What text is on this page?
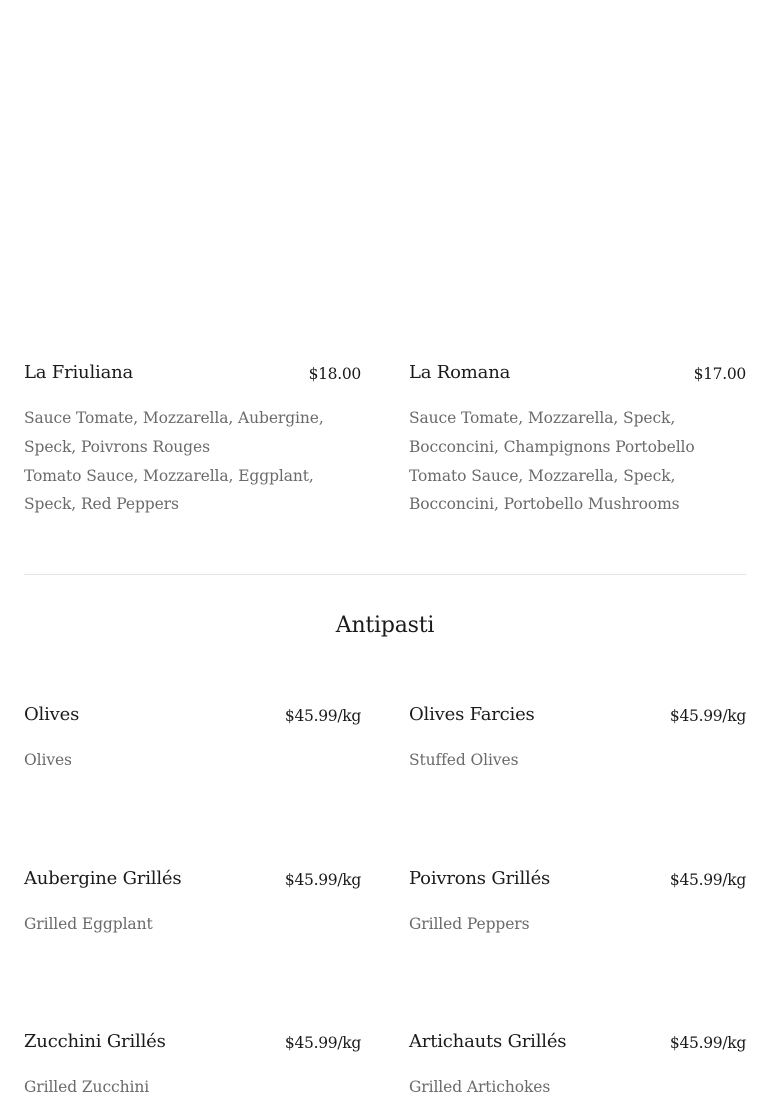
La Friuliana	$18.00

Sauce Tomate, Mozzarella, Aubergine, Speck, Poivrons Rouges

Tomato Sauce, Mozzarella, Eggplant, Speck, Red Peppers

La Romana	$17.00

Sauce Tomate, Mozzarella, Speck, Bocconcini, Champignons Portobello

Tomato Sauce, Mozzarella, Speck, Bocconcini, Portobello Mushrooms

Antipasti
Olives	$45.99/kg

Olives

Olives Farcies	$45.99/kg

Stuffed Olives

Aubergine Grillés	$45.99/kg

Grilled Eggplant

Poivrons Grillés	$45.99/kg

Grilled Peppers

Zucchini Grillés	$45.99/kg

Grilled Zucchini

Artichauts Grillés	$45.99/kg

Grilled Artichokes
